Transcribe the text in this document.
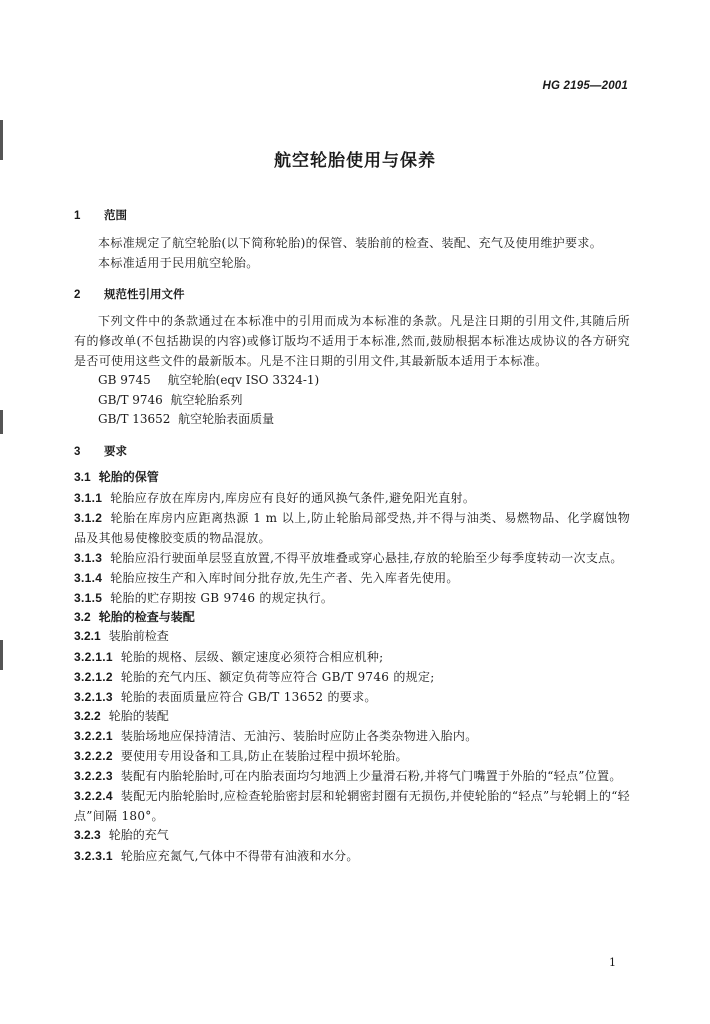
HG 2195—2001
航空轮胎使用与保养
1 范围
本标准规定了航空轮胎(以下简称轮胎)的保管、装胎前的检查、装配、充气及使用维护要求。
本标准适用于民用航空轮胎。
2 规范性引用文件
下列文件中的条款通过在本标准中的引用而成为本标准的条款。凡是注日期的引用文件,其随后所有的修改单(不包括勘误的内容)或修订版均不适用于本标准,然而,鼓励根据本标准达成协议的各方研究是否可使用这些文件的最新版本。凡是不注日期的引用文件,其最新版本适用于本标准。
GB 9745 航空轮胎(eqv ISO 3324-1)
GB/T 9746 航空轮胎系列
GB/T 13652 航空轮胎表面质量
3 要求
3.1 轮胎的保管
3.1.1 轮胎应存放在库房内,库房应有良好的通风换气条件,避免阳光直射。
3.1.2 轮胎在库房内应距离热源 1 m 以上,防止轮胎局部受热,并不得与油类、易燃物品、化学腐蚀物品及其他易使橡胶变质的物品混放。
3.1.3 轮胎应沿行驶面单层竖直放置,不得平放堆叠或穿心悬挂,存放的轮胎至少每季度转动一次支点。
3.1.4 轮胎应按生产和入库时间分批存放,先生产者、先入库者先使用。
3.1.5 轮胎的贮存期按 GB 9746 的规定执行。
3.2 轮胎的检查与装配
3.2.1 装胎前检查
3.2.1.1 轮胎的规格、层级、额定速度必须符合相应机种;
3.2.1.2 轮胎的充气内压、额定负荷等应符合 GB/T 9746 的规定;
3.2.1.3 轮胎的表面质量应符合 GB/T 13652 的要求。
3.2.2 轮胎的装配
3.2.2.1 装胎场地应保持清洁、无油污、装胎时应防止各类杂物进入胎内。
3.2.2.2 要使用专用设备和工具,防止在装胎过程中损坏轮胎。
3.2.2.3 装配有内胎轮胎时,可在内胎表面均匀地洒上少量滑石粉,并将气门嘴置于外胎的“轻点”位置。
3.2.2.4 装配无内胎轮胎时,应检查轮胎密封层和轮辋密封圈有无损伤,并使轮胎的“轻点”与轮辋上的“轻点”间隔 180°。
3.2.3 轮胎的充气
3.2.3.1 轮胎应充氮气,气体中不得带有油液和水分。
1
